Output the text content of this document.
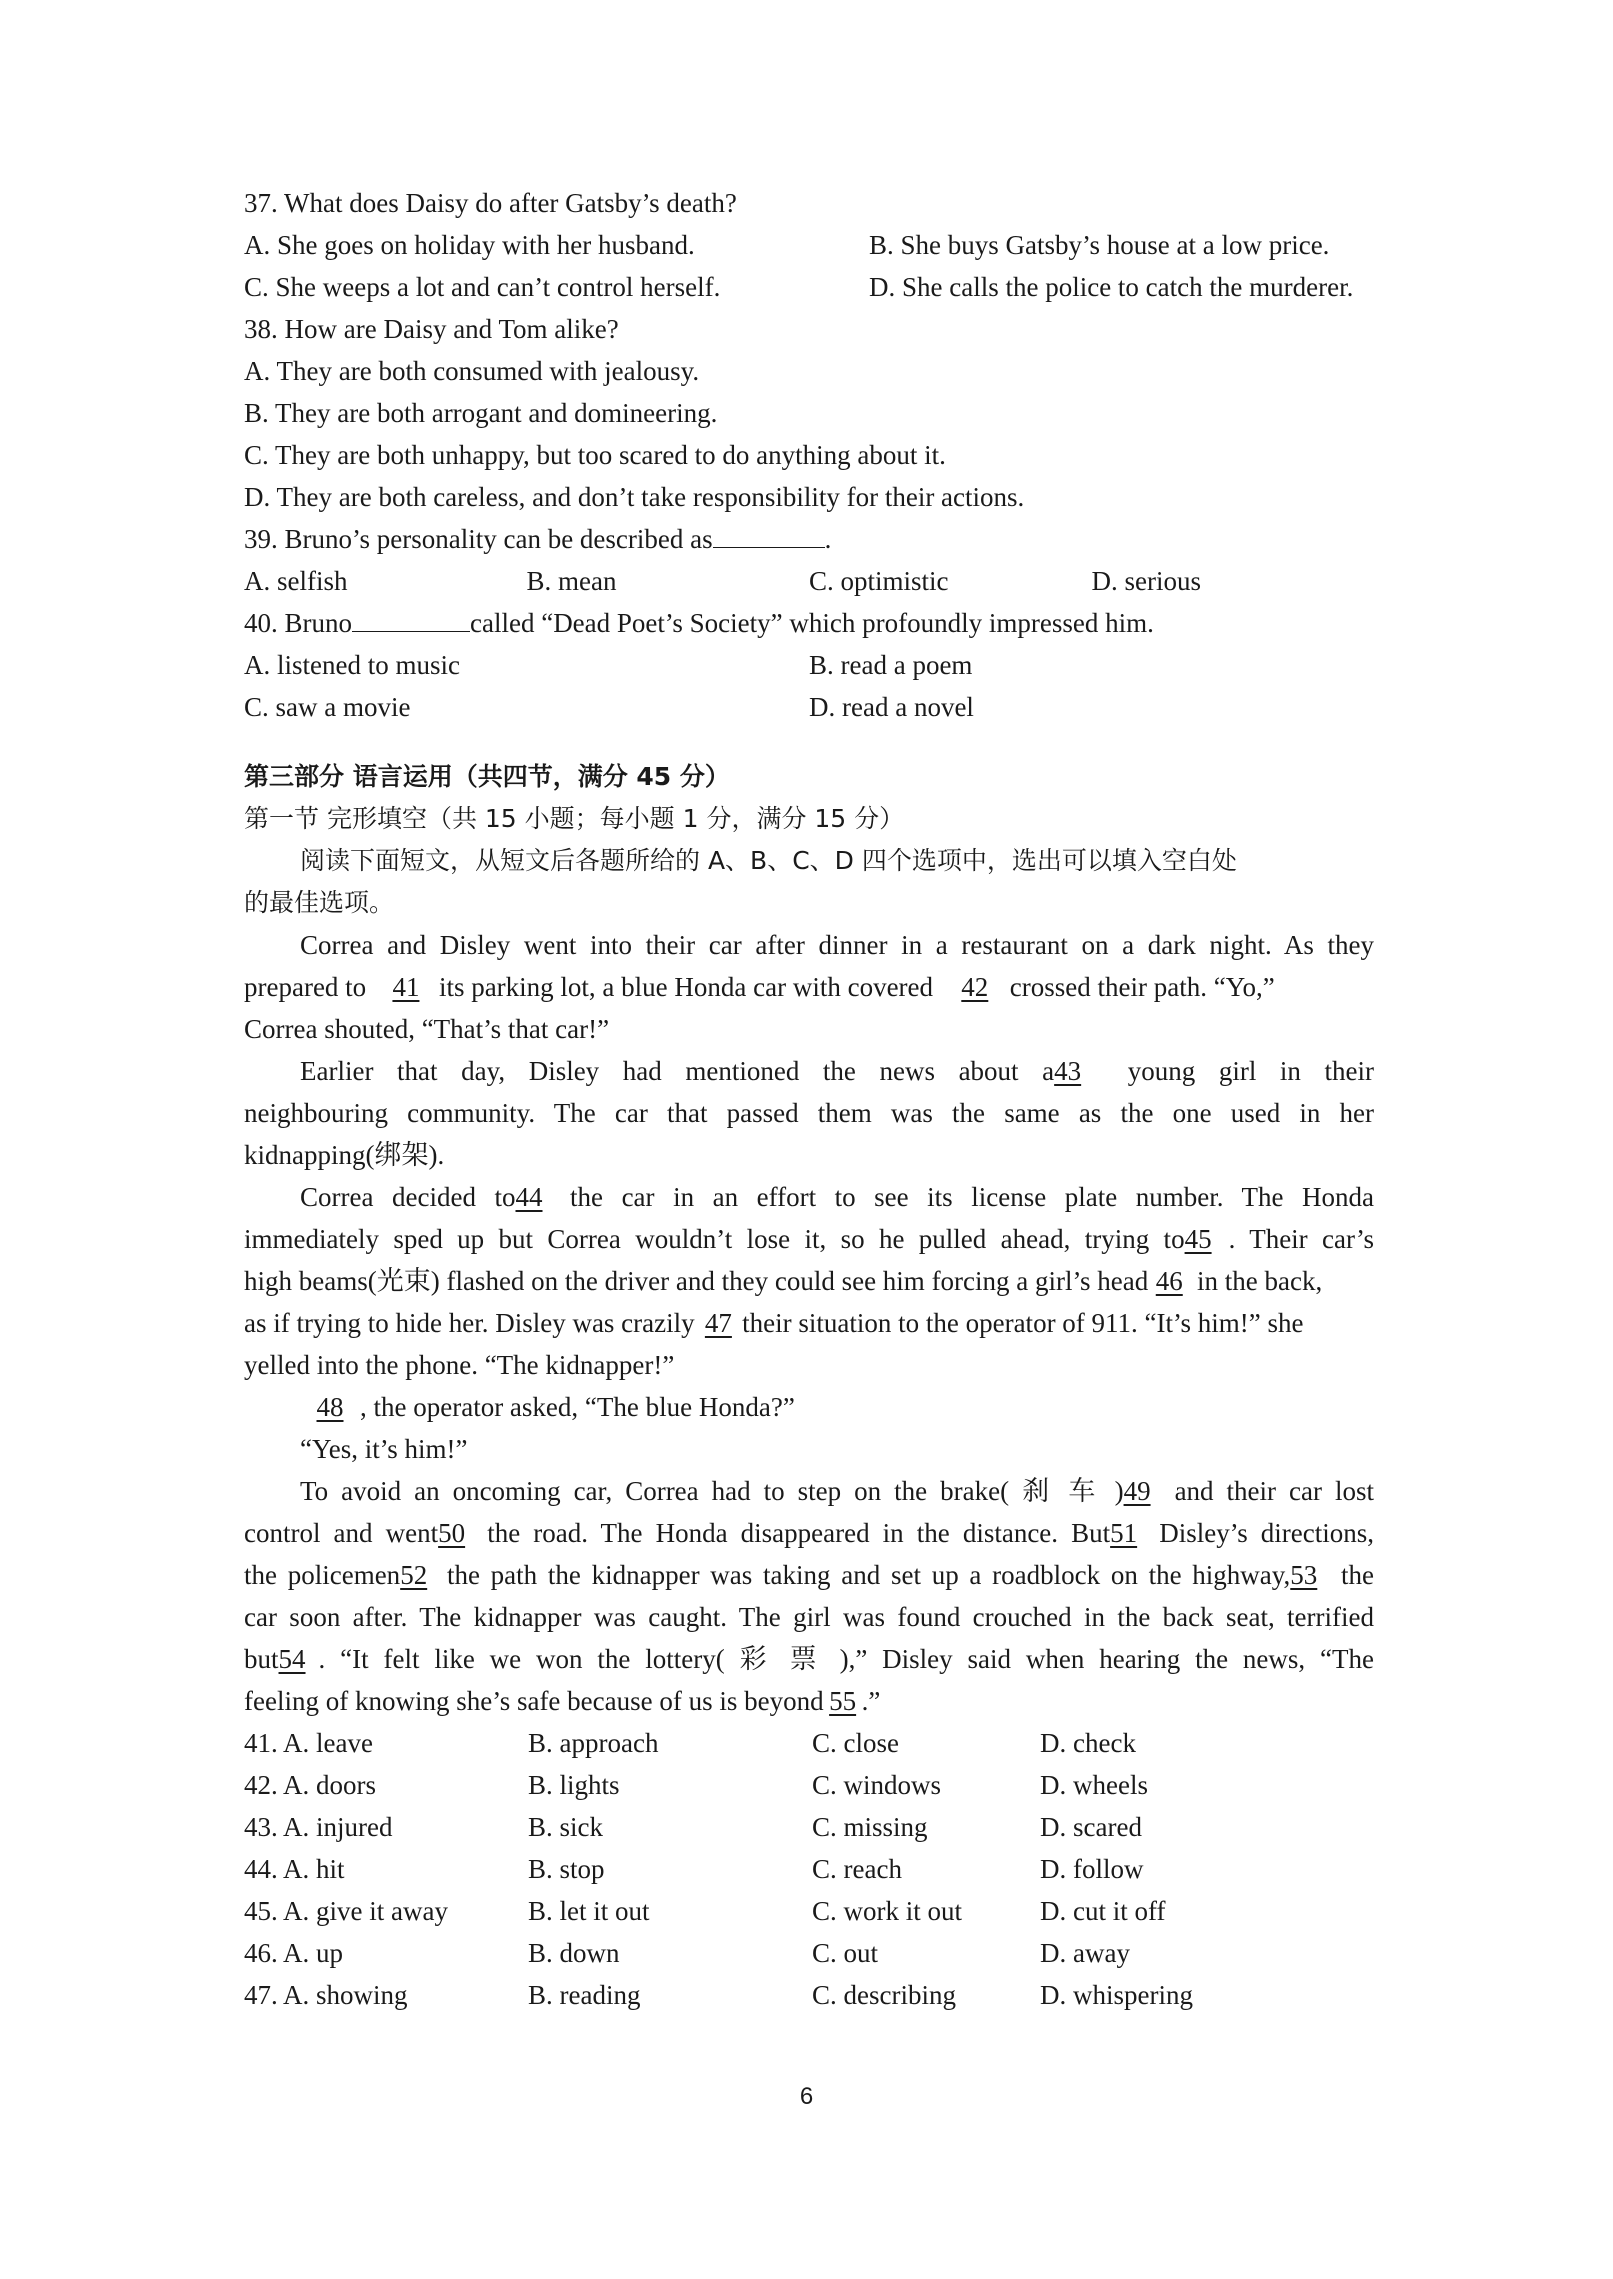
37. What does Daisy do after Gatsby’s death?
A. She goes on holiday with her husband.	B. She buys Gatsby’s house at a low price.
C. She weeps a lot and can’t control herself.	D. She calls the police to catch the murderer.
38. How are Daisy and Tom alike?
A. They are both consumed with jealousy.
B. They are both arrogant and domineering.
C. They are both unhappy, but too scared to do anything about it.
D. They are both careless, and don’t take responsibility for their actions.
39. Bruno’s personality can be described as	.
A. selfish	B. mean	C. optimistic	D. serious
40. Bruno	called “Dead Poet’s Society” which profoundly impressed him.
A. listened to music	B. read a poem
C. saw a movie	D. read a novel
第三部分 语言运用（共四节，满分 45 分）
第一节 完形填空（共 15 小题；每小题 1 分，满分 15 分）
阅读下面短文，从短文后各题所给的 A、B、C、D 四个选项中，选出可以填入空白处
的最佳选项。
Correa and Disley went into their car after dinner in a restaurant on a dark night. As they
prepared to 41 its parking lot, a blue Honda car with covered 42 crossed their path. “Yo,”
Correa shouted, “That’s that car!”
Earlier that day, Disley had mentioned the news about a43 young girl in their
neighbouring community. The car that passed them was the same as the one used in her
kidnapping(绑架).
Correa decided to44 the car in an effort to see its license plate number. The Honda
immediately sped up but Correa wouldn’t lose it, so he pulled ahead, trying to45 . Their car’s
high beams(光束) flashed on the driver and they could see him forcing a girl’s head 46 in the back,
as if trying to hide her. Disley was crazily 47 their situation to the operator of 911. “It’s him!” she
yelled into the phone. “The kidnapper!”
48 , the operator asked, “The blue Honda?”
“Yes, it’s him!”
To avoid an oncoming car, Correa had to step on the brake( 刹 车 )49 and their car lost
control and went50 the road. The Honda disappeared in the distance. But51 Disley’s directions,
the policemen52 the path the kidnapper was taking and set up a roadblock on the highway,53 the
car soon after. The kidnapper was caught. The girl was found crouched in the back seat, terrified
but54 . “It felt like we won the lottery( 彩 票 ),” Disley said when hearing the news, “The
feeling of knowing she’s safe because of us is beyond 55 .”
41. A. leave	B. approach	C. close	D. check
42. A. doors	B. lights	C. windows	D. wheels
43. A. injured	B. sick	C. missing	D. scared
44. A. hit	B. stop	C. reach	D. follow
45. A. give it away	B. let it out	C. work it out	D. cut it off
46. A. up	B. down	C. out	D. away
47. A. showing	B. reading	C. describing	D. whispering
6
